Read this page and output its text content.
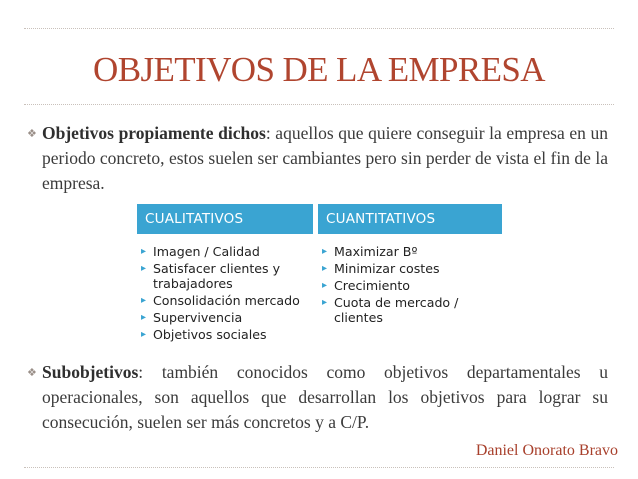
OBJETIVOS DE LA EMPRESA
❖ Objetivos propiamente dichos: aquellos que quiere conseguir la empresa en un periodo concreto, estos suelen ser cambiantes pero sin perder de vista el fin de la empresa.
CUALITATIVOS
▸ Imagen / Calidad
▸ Satisfacer clientes y trabajadores
▸ Consolidación mercado
▸ Supervivencia
▸ Objetivos sociales
CUANTITATIVOS
▸ Maximizar Bº
▸ Minimizar costes
▸ Crecimiento
▸ Cuota de mercado / clientes
❖ Subobjetivos: también conocidos como objetivos departamentales u operacionales, son aquellos que desarrollan los objetivos para lograr su consecución, suelen ser más concretos y a C/P.
Daniel Onorato Bravo
